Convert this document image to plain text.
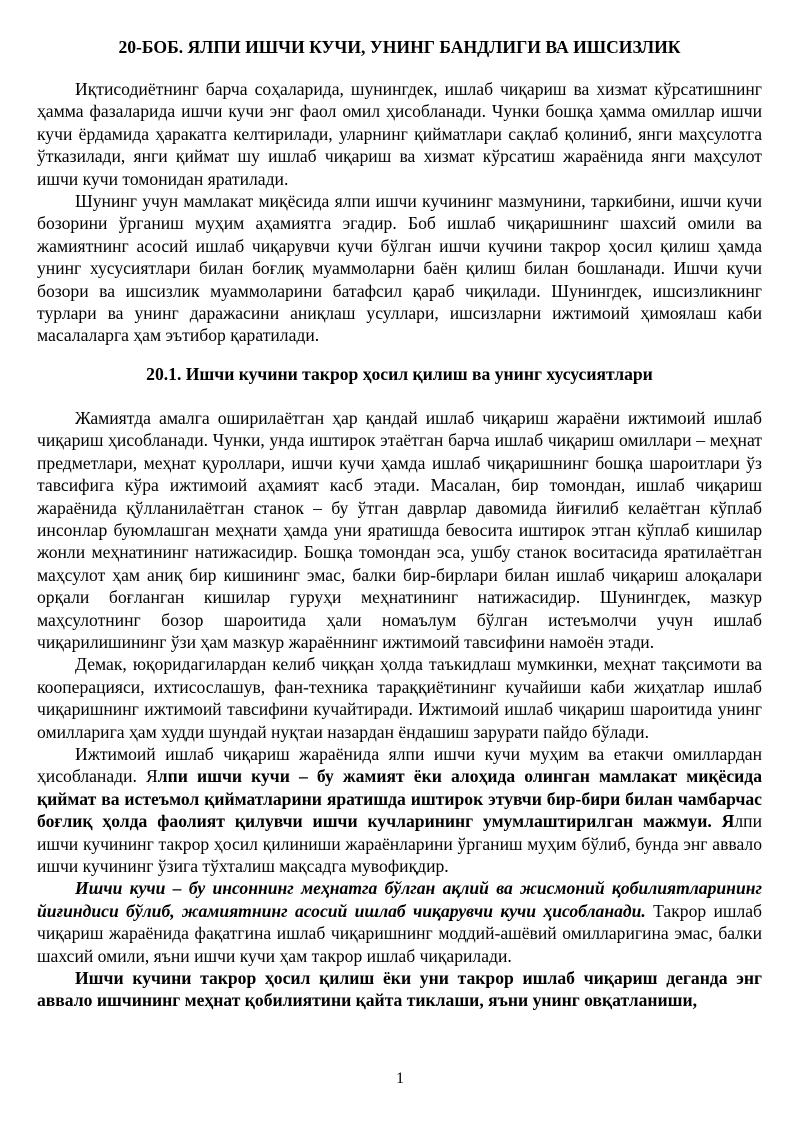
20-БОБ. ЯЛПИ ИШЧИ КУЧИ, УНИНГ БАНДЛИГИ ВА ИШСИЗЛИК

Иқтисодиётнинг барча соҳаларида, шунингдек, ишлаб чиқариш ва хизмат кўрсатишнинг ҳамма фазаларида ишчи кучи энг фаол омил ҳисобланади. Чунки бошқа ҳамма омиллар ишчи кучи ёрдамида ҳаракатга келтирилади, уларнинг қийматлари сақлаб қолиниб, янги маҳсулотга ўтказилади, янги қиймат шу ишлаб чиқариш ва хизмат кўрсатиш жараёнида янги маҳсулот ишчи кучи томонидан яратилади.

Шунинг учун мамлакат миқёсида ялпи ишчи кучининг мазмунини, таркибини, ишчи кучи бозорини ўрганиш муҳим аҳамиятга эгадир. Боб ишлаб чиқаришнинг шахсий омили ва жамиятнинг асосий ишлаб чиқарувчи кучи бўлган ишчи кучини такрор ҳосил қилиш ҳамда унинг хусусиятлари билан боғлиқ муаммоларни баён қилиш билан бошланади. Ишчи кучи бозори ва ишсизлик муаммоларини батафсил қараб чиқилади. Шунингдек, ишсизликнинг турлари ва унинг даражасини аниқлаш усуллари, ишсизларни ижтимоий ҳимоялаш каби масалаларга ҳам эътибор қаратилади.

20.1. Ишчи кучини такрор ҳосил қилиш ва унинг хусусиятлари

Жамиятда амалга оширилаётган ҳар қандай ишлаб чиқариш жараёни ижтимоий ишлаб чиқариш ҳисобланади. Чунки, унда иштирок этаётган барча ишлаб чиқариш омиллари – меҳнат предметлари, меҳнат қуроллари, ишчи кучи ҳамда ишлаб чиқаришнинг бошқа шароитлари ўз тавсифига кўра ижтимоий аҳамият касб этади. Масалан, бир томондан, ишлаб чиқариш жараёнида қўлланилаётган станок – бу ўтган даврлар давомида йиғилиб келаётган кўплаб инсонлар буюмлашган меҳнати ҳамда уни яратишда бевосита иштирок этган кўплаб кишилар жонли меҳнатининг натижасидир. Бошқа томондан эса, ушбу станок воситасида яратилаётган маҳсулот ҳам аниқ бир кишининг эмас, балки бир-бирлари билан ишлаб чиқариш алоқалари орқали боғланган кишилар гуруҳи меҳнатининг натижасидир. Шунингдек, мазкур маҳсулотнинг бозор шароитида ҳали номаълум бўлган истеъмолчи учун ишлаб чиқарилишининг ўзи ҳам мазкур жараённинг ижтимоий тавсифини намоён этади.

Демак, юқоридагилардан келиб чиққан ҳолда таъкидлаш мумкинки, меҳнат тақсимоти ва кооперацияси, ихтисослашув, фан-техника тараққиётининг кучайиши каби жиҳатлар ишлаб чиқаришнинг ижтимоий тавсифини кучайтиради. Ижтимоий ишлаб чиқариш шароитида унинг омилларига ҳам худди шундай нуқтаи назардан ёндашиш зарурати пайдо бўлади.

Ижтимоий ишлаб чиқариш жараёнида ялпи ишчи кучи муҳим ва етакчи омиллардан ҳисобланади. Ялпи ишчи кучи – бу жамият ёки алоҳида олинган мамлакат миқёсида қиймат ва истеъмол қийматларини яратишда иштирок этувчи бир-бири билан чамбарчас боғлиқ ҳолда фаолият қилувчи ишчи кучларининг умумлаштирилган мажмуи. Ялпи ишчи кучининг такрор ҳосил қилиниши жараёнларини ўрганиш муҳим бўлиб, бунда энг аввало ишчи кучининг ўзига тўхталиш мақсадга мувофиқдир.

Ишчи кучи – бу инсоннинг меҳнатга бўлган ақлий ва жисмоний қобилиятларининг йиғиндиси бўлиб, жамиятнинг асосий ишлаб чиқарувчи кучи ҳисобланади. Такрор ишлаб чиқариш жараёнида фақатгина ишлаб чиқаришнинг моддий-ашёвий омилларигина эмас, балки шахсий омили, яъни ишчи кучи ҳам такрор ишлаб чиқарилади.

Ишчи кучини такрор ҳосил қилиш ёки уни такрор ишлаб чиқариш деганда энг аввало ишчининг меҳнат қобилиятини қайта тиклаши, яъни унинг овқатланиши,

1
